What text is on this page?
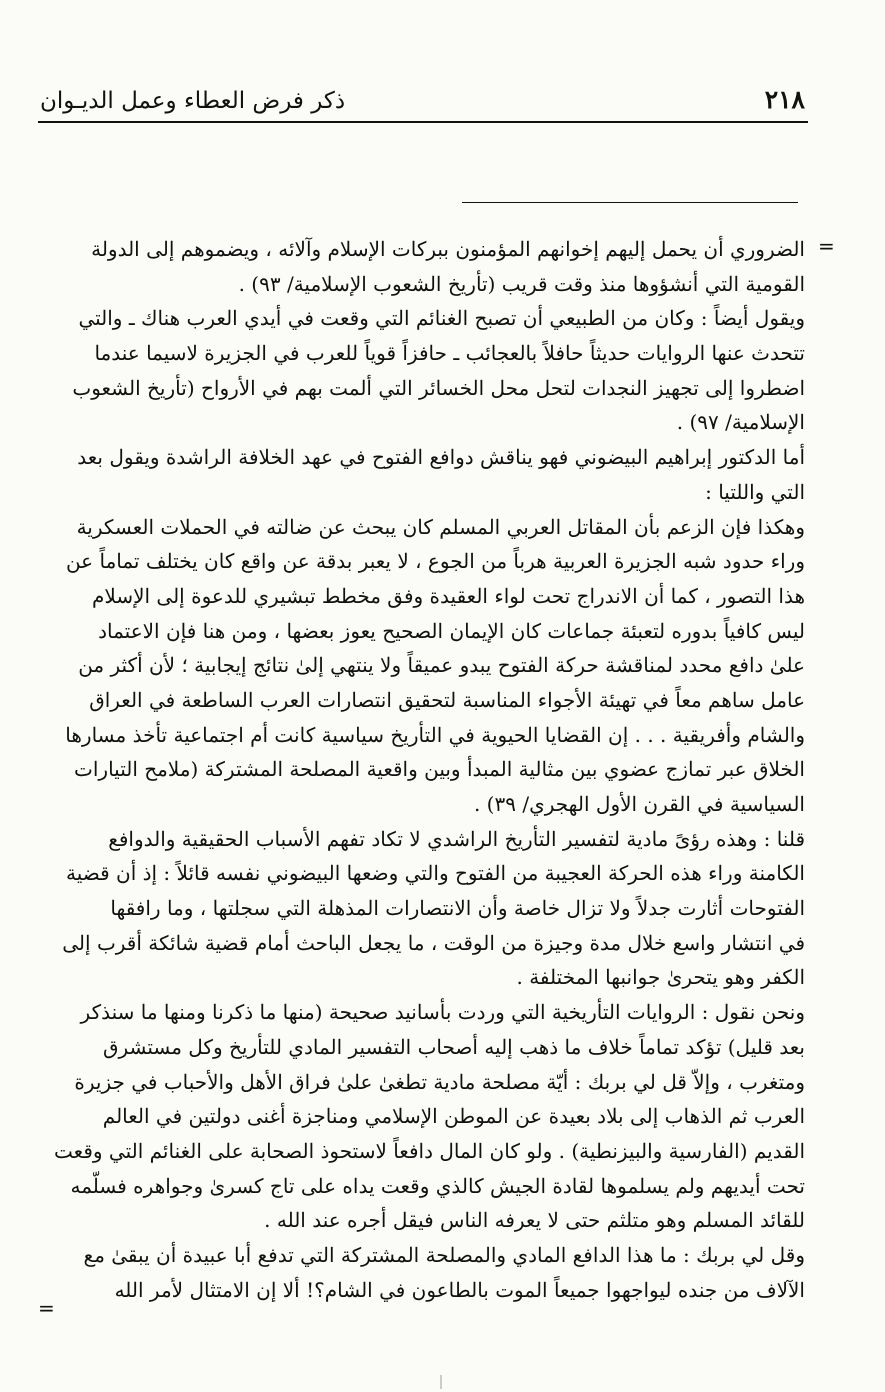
٢١٨
ذكر فرض العطاء وعمل الديـوان
=
=
الضروري أن يحمل إليهم إخوانهم المؤمنون ببركات الإسلام وآلائه ، ويضموهم إلى الدولة
القومية التي أنشؤوها منذ وقت قريب (تأريخ الشعوب الإسلامية/ ٩٣) .
ويقول أيضاً : وكان من الطبيعي أن تصبح الغنائم التي وقعت في أيدي العرب هناك ـ والتي
تتحدث عنها الروايات حديثاً حافلاً بالعجائب ـ حافزاً قوياً للعرب في الجزيرة لاسيما عندما
اضطروا إلى تجهيز النجدات لتحل محل الخسائر التي ألمت بهم في الأرواح (تأريخ الشعوب
الإسلامية/ ٩٧) .
أما الدكتور إبراهيم البيضوني فهو يناقش دوافع الفتوح في عهد الخلافة الراشدة ويقول بعد
التي واللتيا :
وهكذا فإن الزعم بأن المقاتل العربي المسلم كان يبحث عن ضالته في الحملات العسكرية
وراء حدود شبه الجزيرة العربية هرباً من الجوع ، لا يعبر بدقة عن واقع كان يختلف تماماً عن
هذا التصور ، كما أن الاندراج تحت لواء العقيدة وفق مخطط تبشيري للدعوة إلى الإسلام
ليس كافياً بدوره لتعبئة جماعات كان الإيمان الصحيح يعوز بعضها ، ومن هنا فإن الاعتماد
علىٰ دافع محدد لمناقشة حركة الفتوح يبدو عميقاً ولا ينتهي إلىٰ نتائج إيجابية ؛ لأن أكثر من
عامل ساهم معاً في تهيئة الأجواء المناسبة لتحقيق انتصارات العرب الساطعة في العراق
والشام وأفريقية . . . إن القضايا الحيوية في التأريخ سياسية كانت أم اجتماعية تأخذ مسارها
الخلاق عبر تمازج عضوي بين مثالية المبدأ وبين واقعية المصلحة المشتركة (ملامح التيارات
السياسية في القرن الأول الهجري/ ٣٩) .
قلنا : وهذه رؤىً مادية لتفسير التأريخ الراشدي لا تكاد تفهم الأسباب الحقيقية والدوافع
الكامنة وراء هذه الحركة العجيبة من الفتوح والتي وضعها البيضوني نفسه قائلاً : إذ أن قضية
الفتوحات أثارت جدلاً ولا تزال خاصة وأن الانتصارات المذهلة التي سجلتها ، وما رافقها
في انتشار واسع خلال مدة وجيزة من الوقت ، ما يجعل الباحث أمام قضية شائكة أقرب إلى
الكفر وهو يتحرىٰ جوانبها المختلفة .
ونحن نقول : الروايات التأريخية التي وردت بأسانيد صحيحة (منها ما ذكرنا ومنها ما سنذكر
بعد قليل) تؤكد تماماً خلاف ما ذهب إليه أصحاب التفسير المادي للتأريخ وكل مستشرق
ومتغرب ، وإلاّ قل لي بربك : أيّة مصلحة مادية تطغىٰ علىٰ فراق الأهل والأحباب في جزيرة
العرب ثم الذهاب إلى بلاد بعيدة عن الموطن الإسلامي ومناجزة أغنى دولتين في العالم
القديم (الفارسية والبيزنطية) . ولو كان المال دافعاً لاستحوذ الصحابة على الغنائم التي وقعت
تحت أيديهم ولم يسلموها لقادة الجيش كالذي وقعت يداه على تاج كسرىٰ وجواهره فسلّمه
للقائد المسلم وهو متلثم حتى لا يعرفه الناس فيقل أجره عند الله .
وقل لي بربك : ما هذا الدافع المادي والمصلحة المشتركة التي تدفع أبا عبيدة أن يبقىٰ مع
الآلاف من جنده ليواجهوا جميعاً الموت بالطاعون في الشام؟! ألا إن الامتثال لأمر الله
